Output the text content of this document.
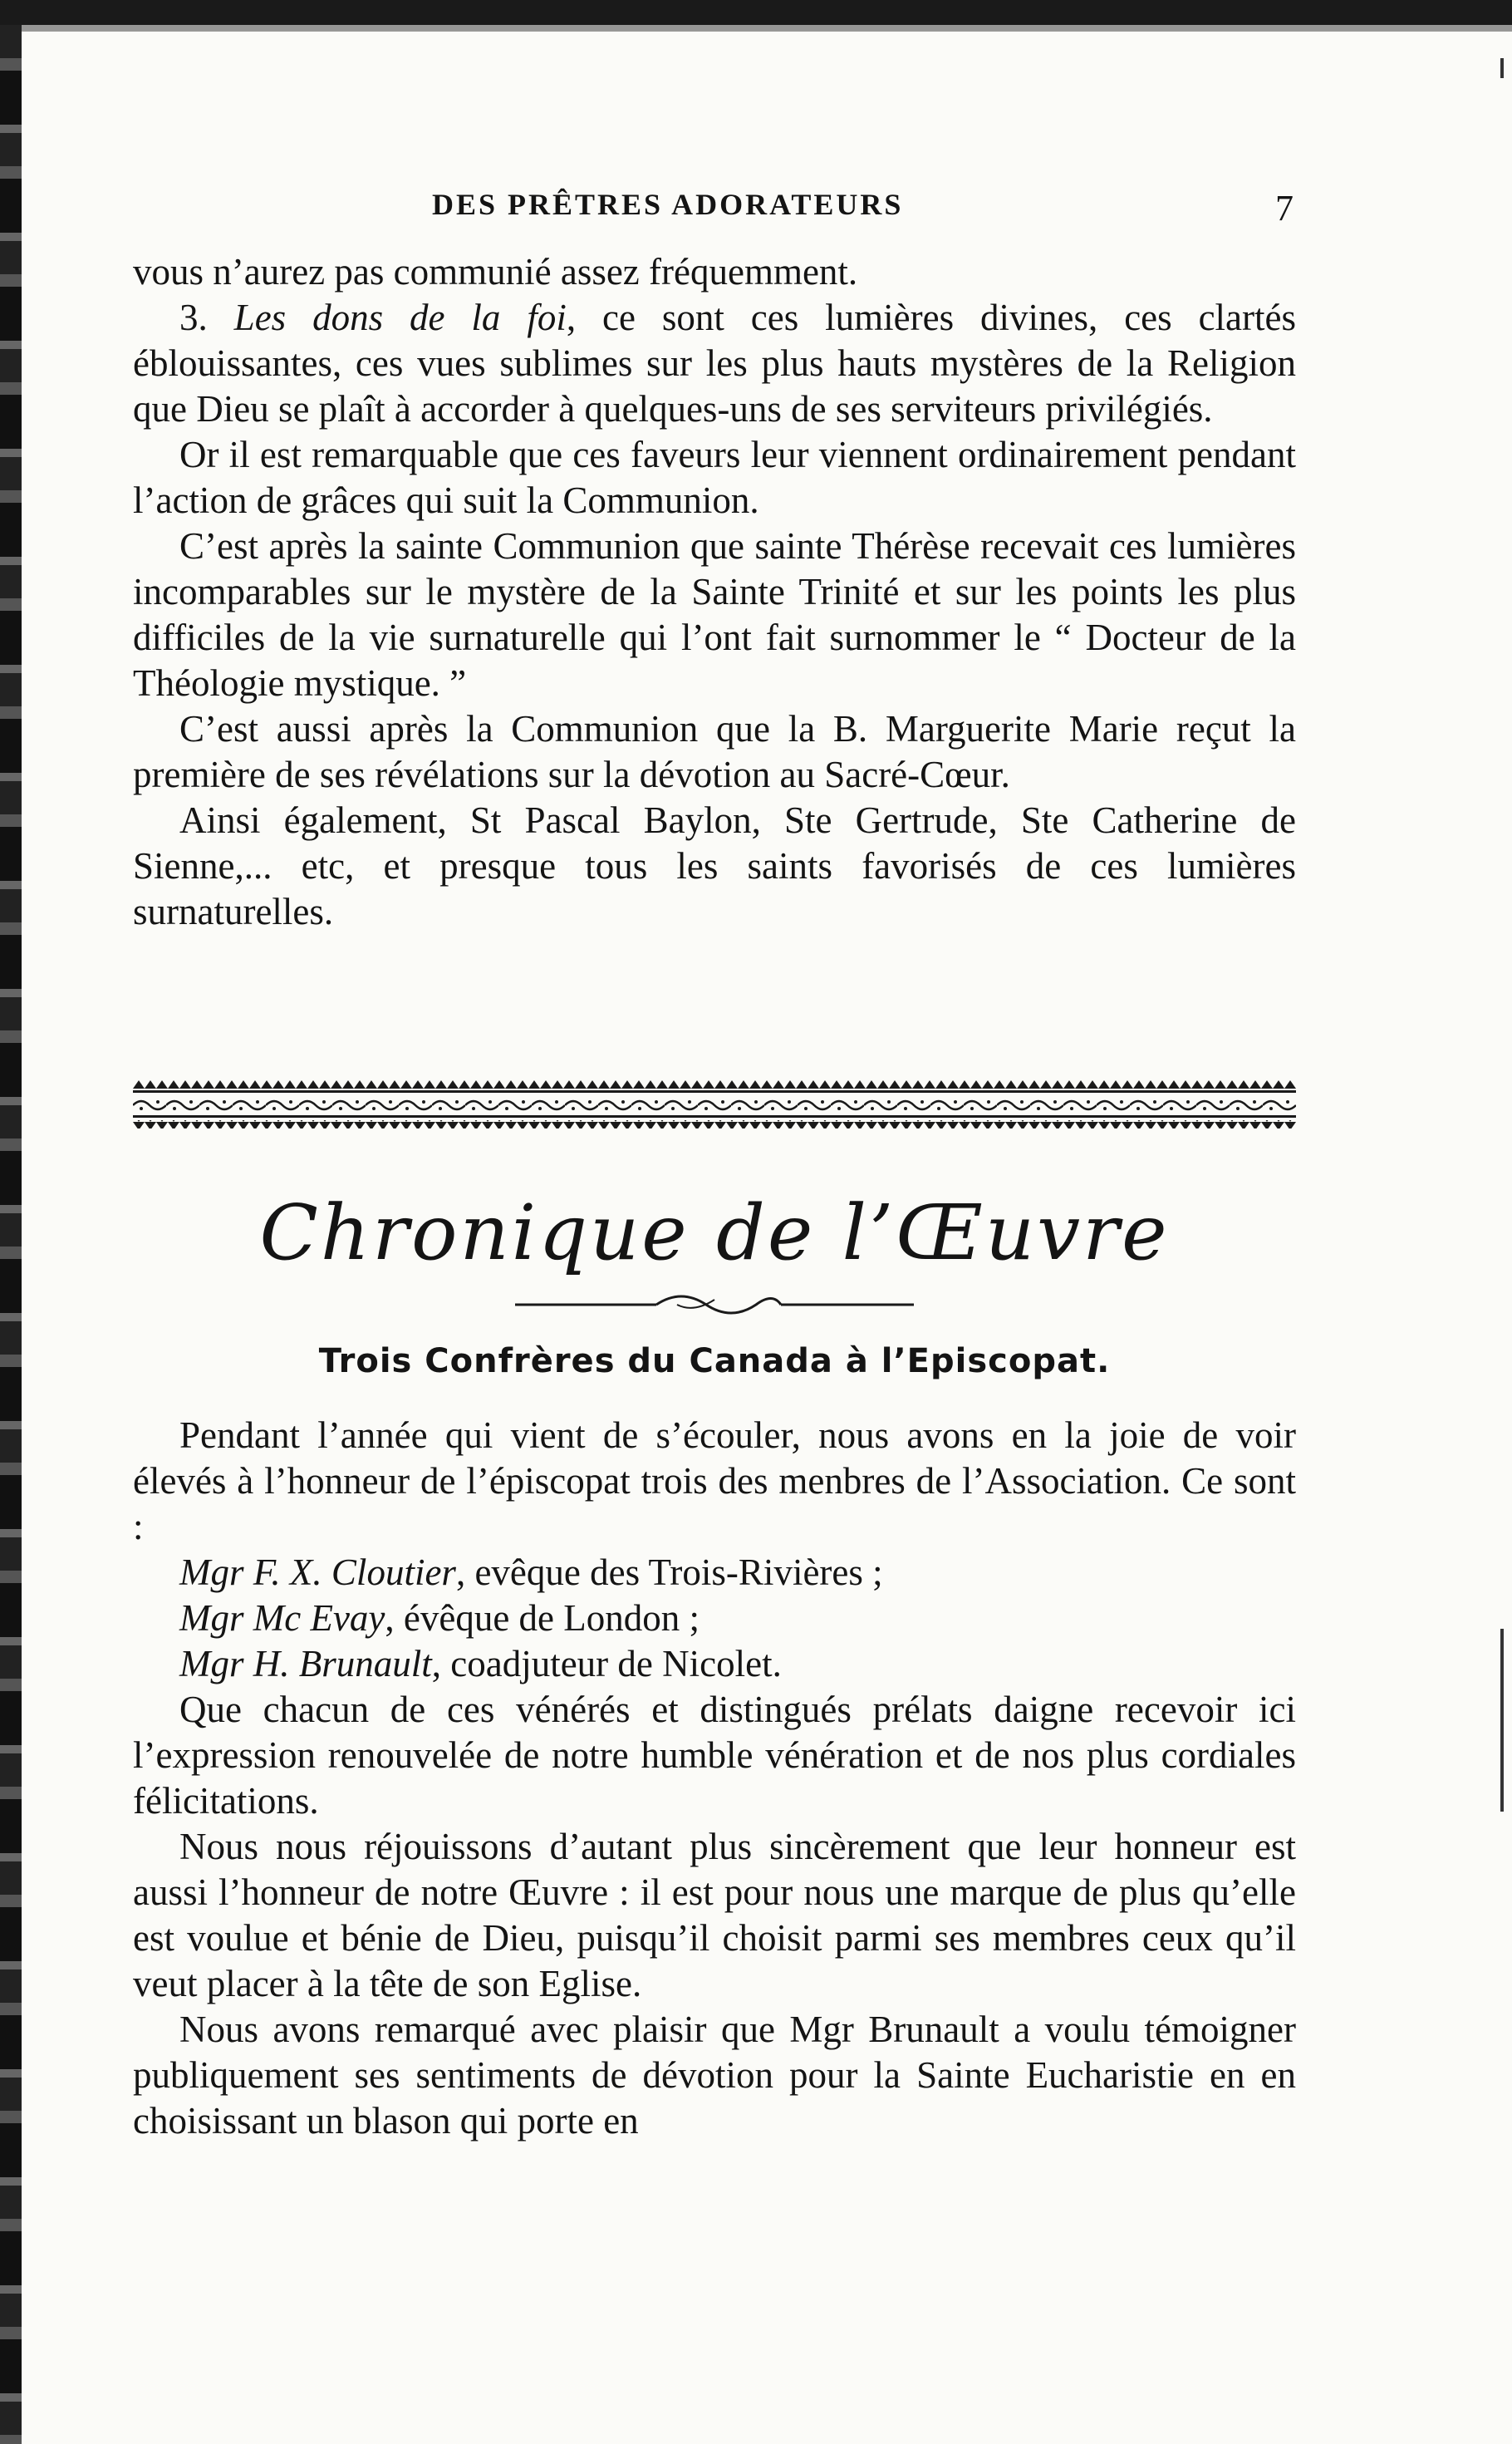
DES PRÊTRES ADORATEURS	7

vous n’aurez pas communié assez fréquemment.

3. Les dons de la foi, ce sont ces lumières divines, ces clartés éblouissantes, ces vues sublimes sur les plus hauts mystères de la Religion que Dieu se plaît à accorder à quelques-uns de ses serviteurs privilégiés.

Or il est remarquable que ces faveurs leur viennent ordinairement pendant l’action de grâces qui suit la Communion.

C’est après la sainte Communion que sainte Thérèse recevait ces lumières incomparables sur le mystère de la Sainte Trinité et sur les points les plus difficiles de la vie surnaturelle qui l’ont fait surnommer le “ Docteur de la Théologie mystique. ”

C’est aussi après la Communion que la B. Marguerite Marie reçut la première de ses révélations sur la dévotion au Sacré-Cœur.

Ainsi également, St Pascal Baylon, Ste Gertrude, Ste Catherine de Sienne,... etc, et presque tous les saints favorisés de ces lumières surnaturelles.

Chronique de l’Œuvre
Trois Confrères du Canada à l’Episcopat.

Pendant l’année qui vient de s’écouler, nous avons en la joie de voir élevés à l’honneur de l’épiscopat trois des menbres de l’Association. Ce sont :

Mgr F. X. Cloutier, evêque des Trois-Rivières ;

Mgr Mc Evay, évêque de London ;

Mgr H. Brunault, coadjuteur de Nicolet.

Que chacun de ces vénérés et distingués prélats daigne recevoir ici l’expression renouvelée de notre humble vénération et de nos plus cordiales félicitations.

Nous nous réjouissons d’autant plus sincèrement que leur honneur est aussi l’honneur de notre Œuvre : il est pour nous une marque de plus qu’elle est voulue et bénie de Dieu, puisqu’il choisit parmi ses membres ceux qu’il veut placer à la tête de son Eglise.

Nous avons remarqué avec plaisir que Mgr Brunault a voulu témoigner publiquement ses sentiments de dévotion pour la Sainte Eucharistie en en choisissant un blason qui porte en
